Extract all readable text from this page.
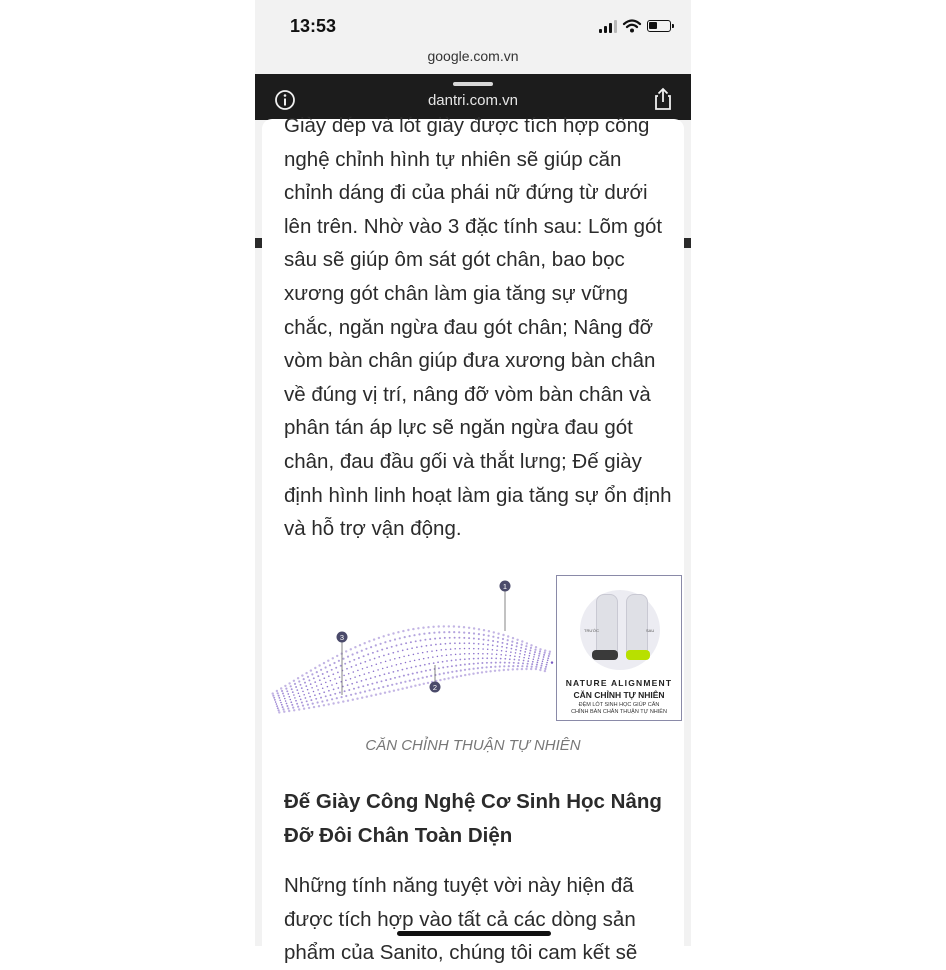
13:53
google.com.vn
dantri.com.vn

Giày dép và lót giày được tích hợp công nghệ chỉnh hình tự nhiên sẽ giúp căn chỉnh dáng đi của phái nữ đứng từ dưới lên trên. Nhờ vào 3 đặc tính sau: Lõm gót sâu sẽ giúp ôm sát gót chân, bao bọc xương gót chân làm gia tăng sự vững chắc, ngăn ngừa đau gót chân; Nâng đỡ vòm bàn chân giúp đưa xương bàn chân về đúng vị trí, nâng đỡ vòm bàn chân và phân tán áp lực sẽ ngăn ngừa đau gót chân, đau đầu gối và thắt lưng; Đế giày định hình linh hoạt làm gia tăng sự ổn định và hỗ trợ vận động.

3
1
2
TRƯỚC	SAU
NATURE ALIGNMENT
CĂN CHỈNH TỰ NHIÊN
ĐỆM LÓT SINH HỌC GIÚP CĂN CHỈNH BÀN CHÂN THUẬN TỰ NHIÊN
CĂN CHỈNH THUẬN TỰ NHIÊN
Đế Giày Công Nghệ Cơ Sinh Học Nâng Đỡ Đôi Chân Toàn Diện

Những tính năng tuyệt vời này hiện đã được tích hợp vào tất cả các dòng sản phẩm của Sanito, chúng tôi cam kết sẽ
